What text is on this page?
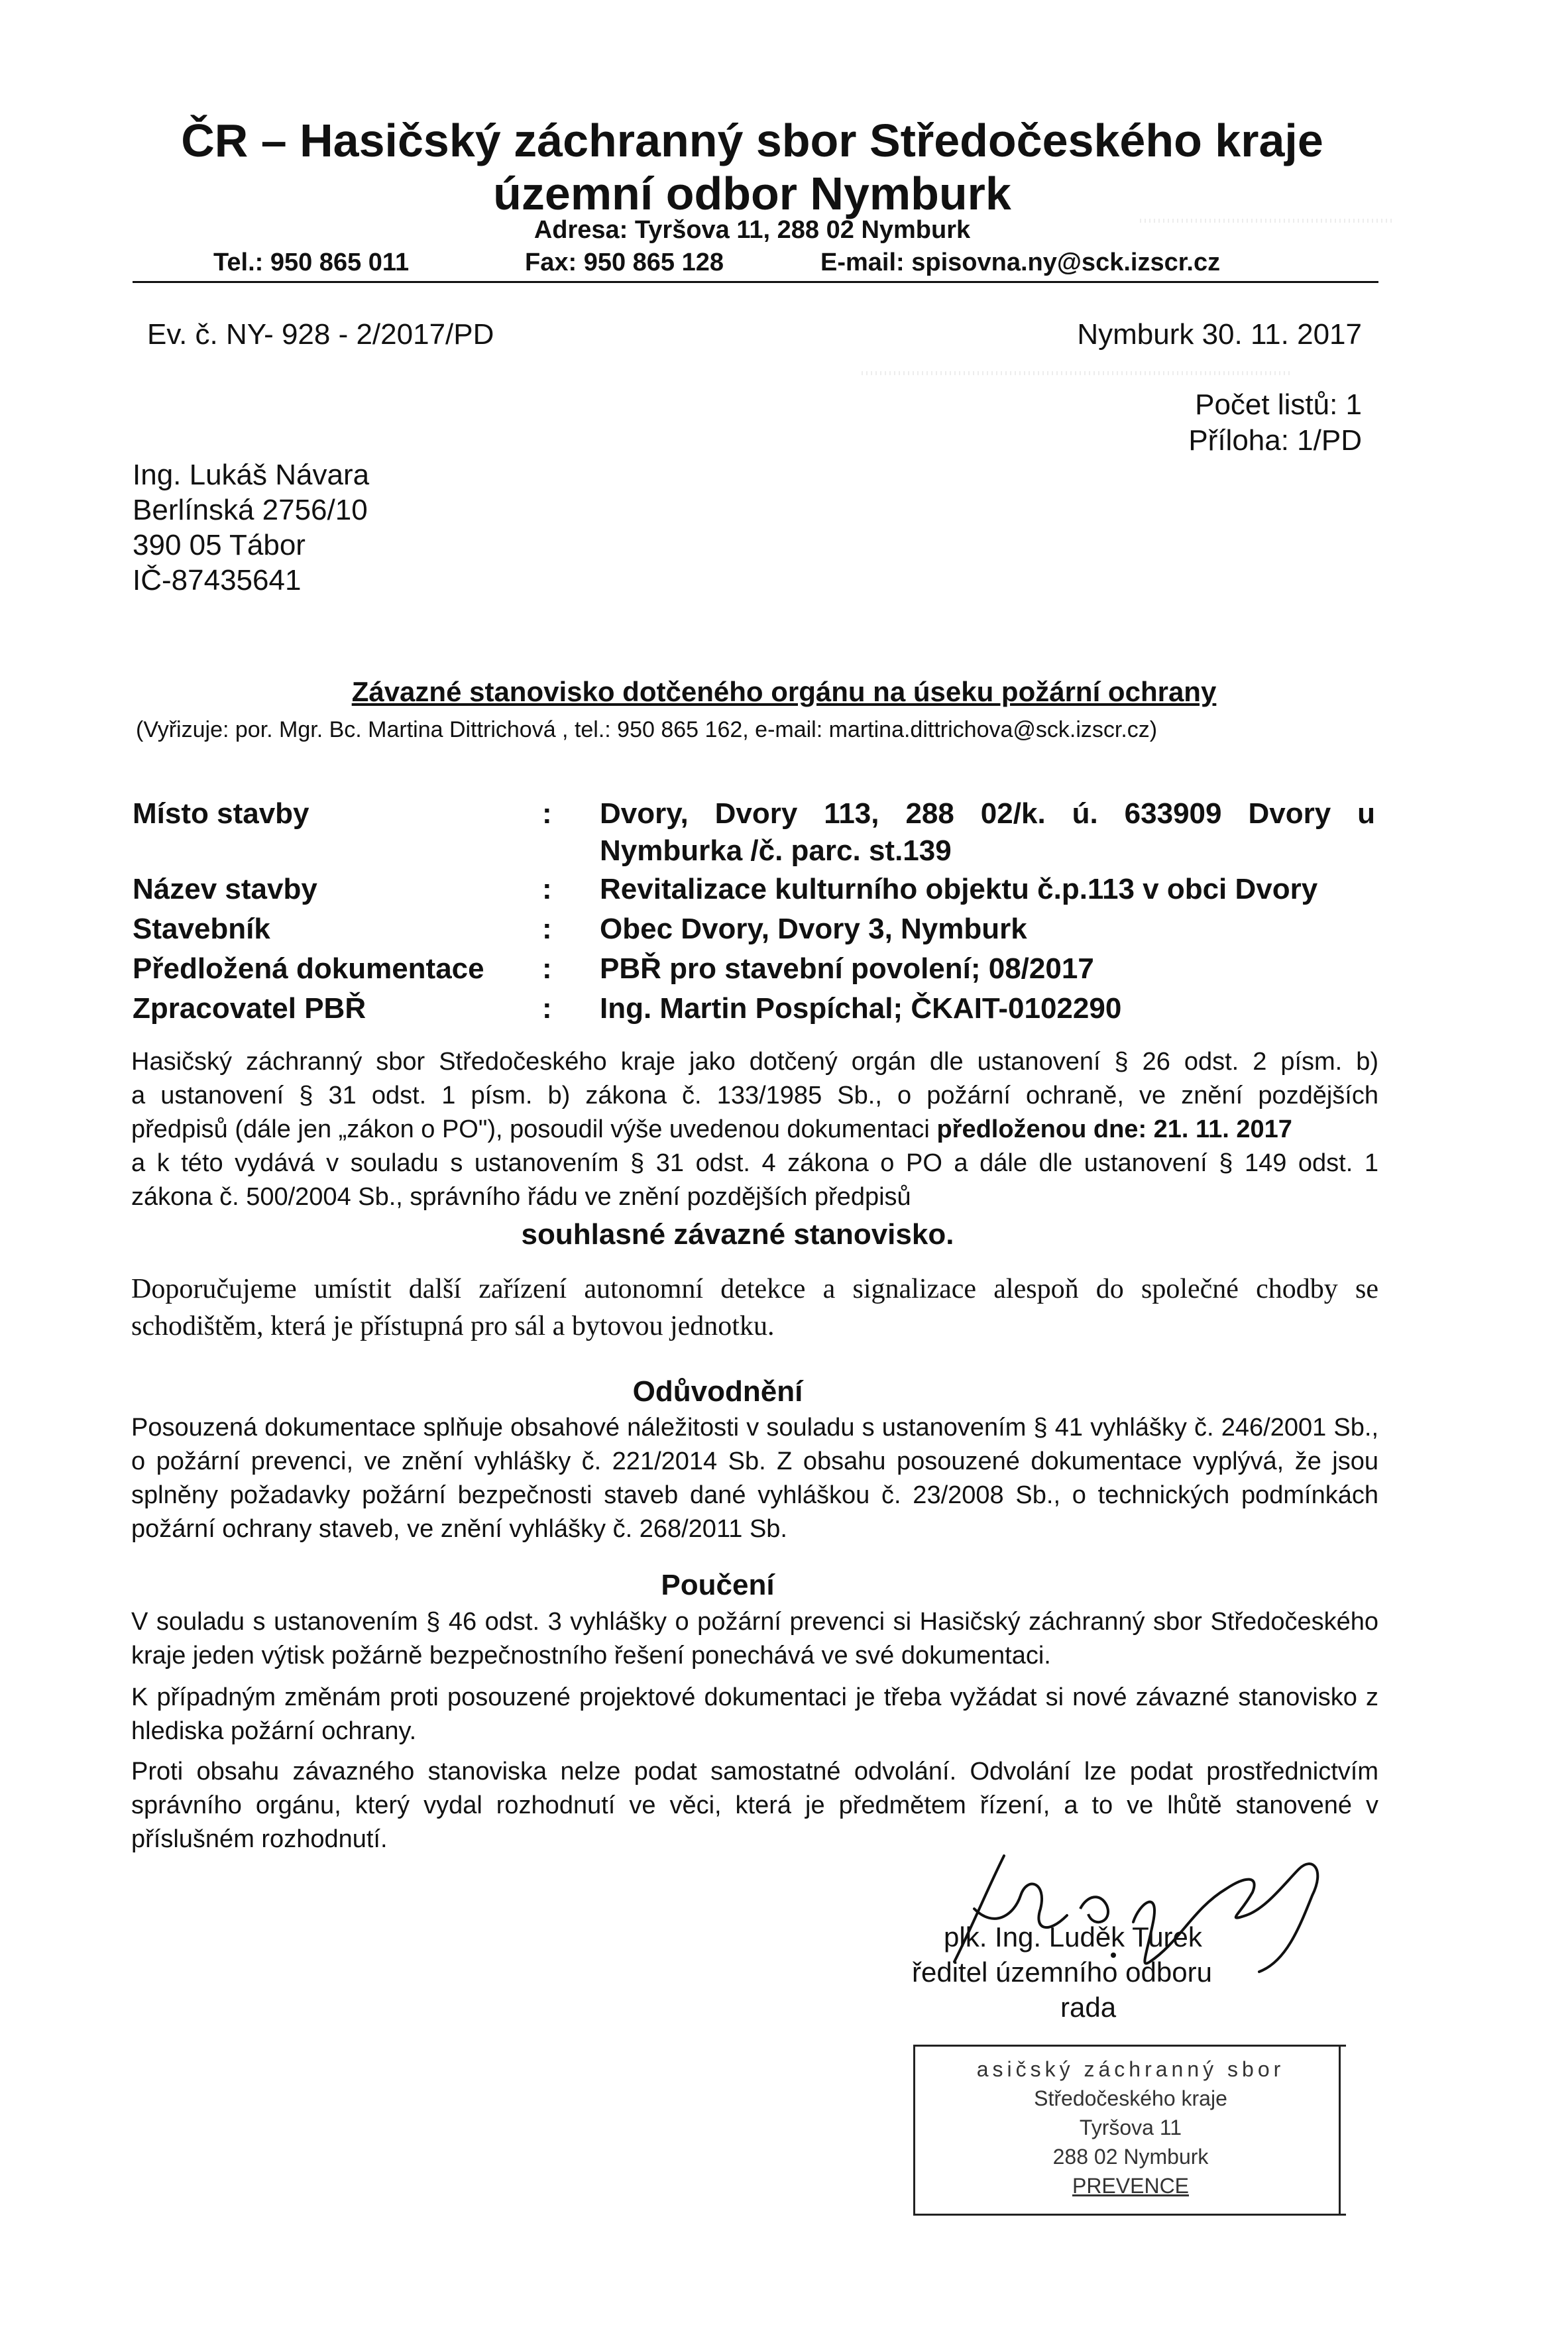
ČR – Hasičský záchranný sbor Středočeského kraje
územní odbor Nymburk
Adresa: Tyršova 11, 288 02 Nymburk
Tel.: 950 865 011	Fax: 950 865 128	E-mail: spisovna.ny@sck.izscr.cz
Ev. č. NY- 928 - 2/2017/PD	Nymburk 30. 11. 2017
Počet listů: 1
Příloha: 1/PD
Ing. Lukáš Návara
Berlínská 2756/10
390 05 Tábor
IČ-87435641
Závazné stanovisko dotčeného orgánu na úseku požární ochrany
(Vyřizuje: por. Mgr. Bc. Martina Dittrichová , tel.: 950 865 162, e-mail: martina.dittrichova@sck.izscr.cz)
Místo stavby	: Dvory, Dvory 113, 288 02/k. ú. 633909 Dvory u
Nymburka /č. parc. st.139
Název stavby	: Revitalizace kulturního objektu č.p.113 v obci Dvory
Stavebník	: Obec Dvory, Dvory 3, Nymburk
Předložená dokumentace : PBŘ pro stavební povolení; 08/2017
Zpracovatel PBŘ	: Ing. Martin Pospíchal; ČKAIT-0102290
Hasičský záchranný sbor Středočeského kraje jako dotčený orgán dle ustanovení § 26 odst. 2 písm. b)
a ustanovení § 31 odst. 1 písm. b) zákona č. 133/1985 Sb., o požární ochraně, ve znění pozdějších
předpisů (dále jen „zákon o PO"), posoudil výše uvedenou dokumentaci předloženou dne: 21. 11. 2017
a k této vydává v souladu s ustanovením § 31 odst. 4 zákona o PO a dále dle ustanovení § 149 odst. 1
zákona č. 500/2004 Sb., správního řádu ve znění pozdějších předpisů
souhlasné závazné stanovisko.
Doporučujeme umístit další zařízení autonomní detekce a signalizace alespoň do společné chodby se schodištěm, která je přístupná pro sál a bytovou jednotku.
Odůvodnění
Posouzená dokumentace splňuje obsahové náležitosti v souladu s ustanovením § 41 vyhlášky č. 246/2001 Sb., o požární prevenci, ve znění vyhlášky č. 221/2014 Sb. Z obsahu posouzené dokumentace vyplývá, že jsou splněny požadavky požární bezpečnosti staveb dané vyhláškou č. 23/2008 Sb., o technických podmínkách požární ochrany staveb, ve znění vyhlášky č. 268/2011 Sb.
Poučení
V souladu s ustanovením § 46 odst. 3 vyhlášky o požární prevenci si Hasičský záchranný sbor Středočeského kraje jeden výtisk požárně bezpečnostního řešení ponechává ve své dokumentaci.
K případným změnám proti posouzené projektové dokumentaci je třeba vyžádat si nové závazné stanovisko z hlediska požární ochrany.
Proti obsahu závazného stanoviska nelze podat samostatné odvolání. Odvolání lze podat prostřednictvím správního orgánu, který vydal rozhodnutí ve věci, která je předmětem řízení, a to ve lhůtě stanovené v příslušném rozhodnutí.
plk. Ing. Luděk Turek
ředitel územního odboru
rada
asičský záchranný sbor
Středočeského kraje
Tyršova 11
288 02 Nymburk
PREVENCE
